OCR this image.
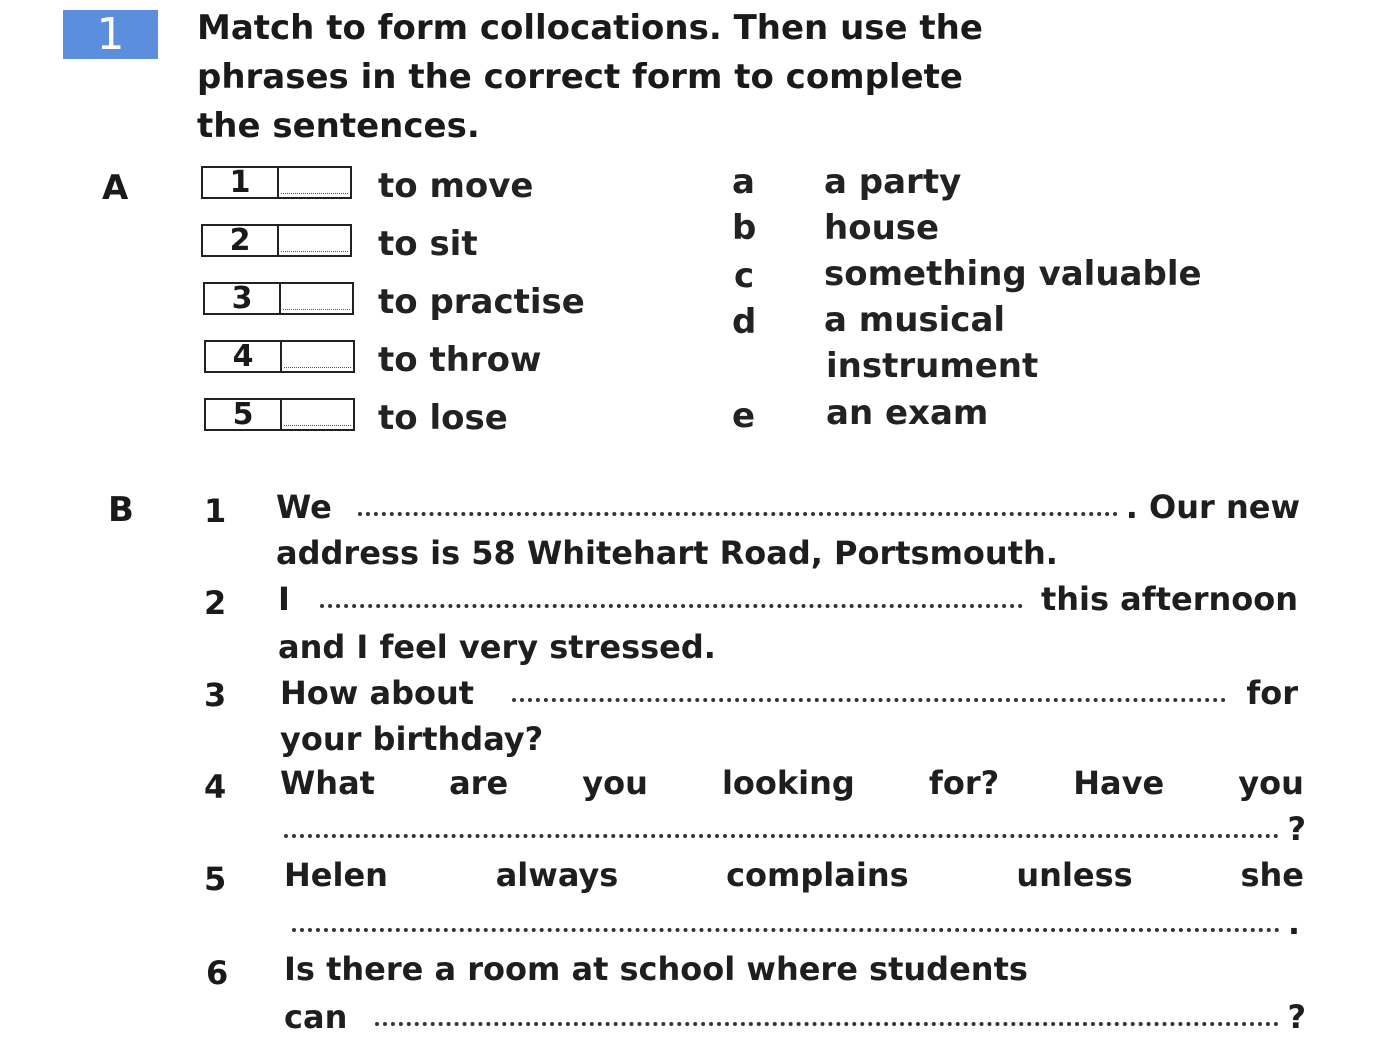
1	Match to form collocations. Then use the
phrases in the correct form to complete
the sentences.
A	1	to move
2	to sit
3	to practise
4	to throw
5	to lose
a a party
b house
c something valuable
d a musical
instrument
e an exam
B 1 We	. Our new
address is 58 Whitehart Road, Portsmouth.
2 I	this afternoon
and I feel very stressed.
3 How about	for
your birthday?
4 What are you looking for? Have you
?
5 Helen	always	complains	unless	she
.
6 Is there a room at school where students
can	?
